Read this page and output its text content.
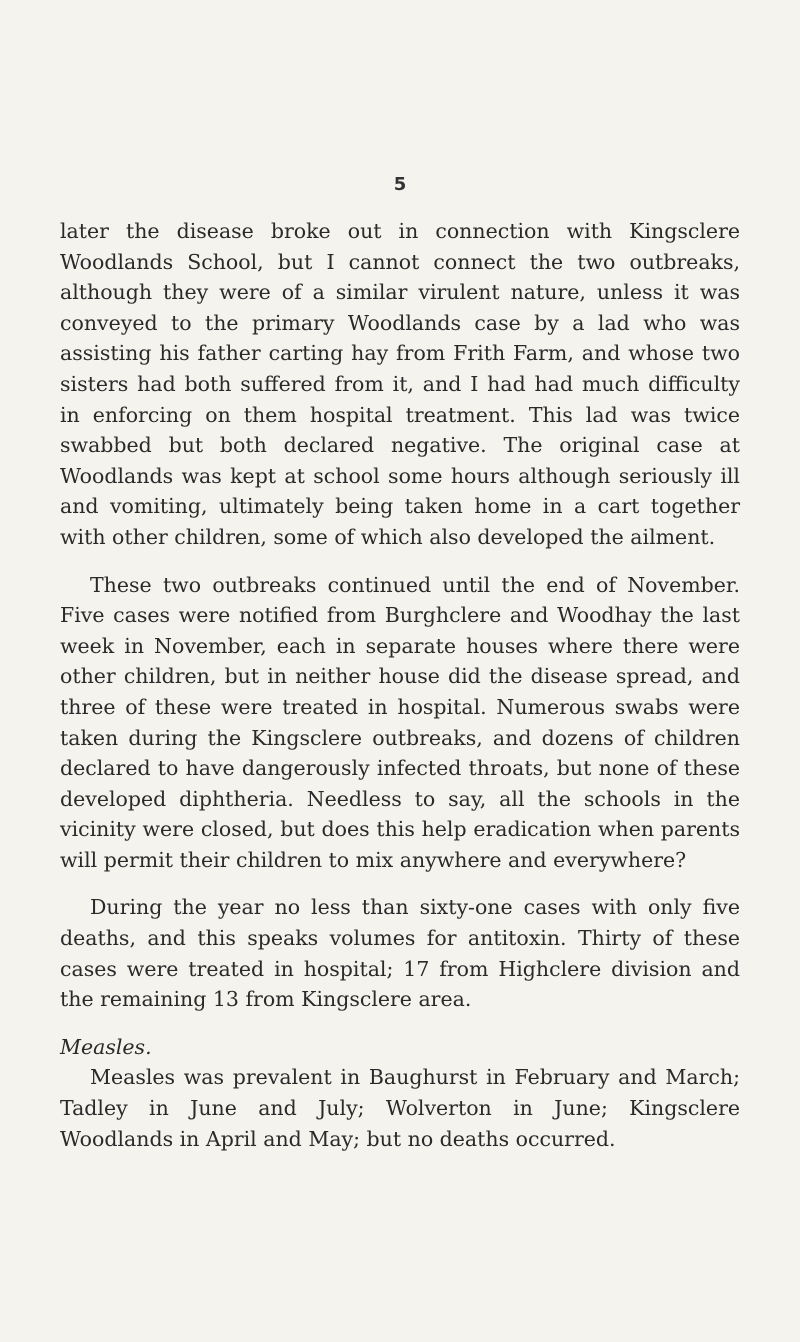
5

later the disease broke out in connection with Kingsclere Woodlands School, but I cannot connect the two outbreaks, although they were of a similar virulent nature, unless it was conveyed to the primary Woodlands case by a lad who was assisting his father carting hay from Frith Farm, and whose two sisters had both suffered from it, and I had had much difficulty in enforcing on them hospital treatment. This lad was twice swabbed but both declared negative. The original case at Woodlands was kept at school some hours although seriously ill and vomiting, ultimately being taken home in a cart together with other children, some of which also developed the ailment.

These two outbreaks continued until the end of November. Five cases were notified from Burghclere and Woodhay the last week in November, each in separate houses where there were other children, but in neither house did the disease spread, and three of these were treated in hospital. Numerous swabs were taken during the Kingsclere outbreaks, and dozens of children declared to have dangerously infected throats, but none of these developed diphtheria. Needless to say, all the schools in the vicinity were closed, but does this help eradication when parents will permit their children to mix anywhere and everywhere?

During the year no less than sixty-one cases with only five deaths, and this speaks volumes for antitoxin. Thirty of these cases were treated in hospital; 17 from Highclere division and the remaining 13 from Kingsclere area.

Measles.

Measles was prevalent in Baughurst in February and March; Tadley in June and July; Wolverton in June; Kingsclere Woodlands in April and May; but no deaths occurred.
